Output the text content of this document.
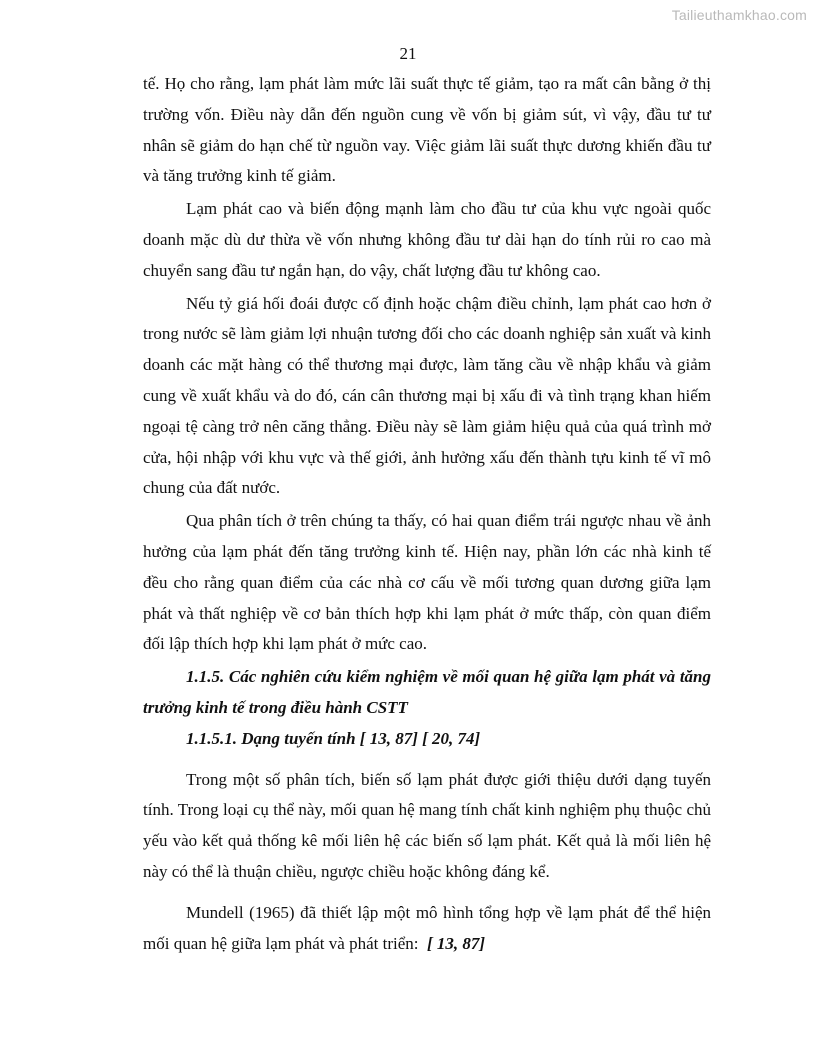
Tailieuthamkhao.com
21

tế. Họ cho rằng, lạm phát làm mức lãi suất thực tế giảm, tạo ra mất cân bằng ở thị trường vốn. Điều này dẫn đến nguồn cung về vốn bị giảm sút, vì vậy, đầu tư tư nhân sẽ giảm do hạn chế từ nguồn vay. Việc giảm lãi suất thực dương khiến đầu tư và tăng trưởng kinh tế giảm.

Lạm phát cao và biến động mạnh làm cho đầu tư của khu vực ngoài quốc doanh mặc dù dư thừa về vốn nhưng không đầu tư dài hạn do tính rủi ro cao mà chuyển sang đầu tư ngắn hạn, do vậy, chất lượng đầu tư không cao.

Nếu tỷ giá hối đoái được cố định hoặc chậm điều chỉnh, lạm phát cao hơn ở trong nước sẽ làm giảm lợi nhuận tương đối cho các doanh nghiệp sản xuất và kinh doanh các mặt hàng có thể thương mại được, làm tăng cầu về nhập khẩu và giảm cung về xuất khẩu và do đó, cán cân thương mại bị xấu đi và tình trạng khan hiếm ngoại tệ càng trở nên căng thẳng. Điều này sẽ làm giảm hiệu quả của quá trình mở cửa, hội nhập với khu vực và thế giới, ảnh hưởng xấu đến thành tựu kinh tế vĩ mô chung của đất nước.

Qua phân tích ở trên chúng ta thấy, có hai quan điểm trái ngược nhau về ảnh hưởng của lạm phát đến tăng trưởng kinh tế. Hiện nay, phần lớn các nhà kinh tế đều cho rằng quan điểm của các nhà cơ cấu về mối tương quan dương giữa lạm phát và thất nghiệp về cơ bản thích hợp khi lạm phát ở mức thấp, còn quan điểm đối lập thích hợp khi lạm phát ở mức cao.

1.1.5. Các nghiên cứu kiểm nghiệm về mối quan hệ giữa lạm phát và tăng trưởng kinh tế trong điều hành CSTT

1.1.5.1. Dạng tuyến tính [ 13, 87] [ 20, 74]

Trong một số phân tích, biến số lạm phát được giới thiệu dưới dạng tuyến tính. Trong loại cụ thể này, mối quan hệ mang tính chất kinh nghiệm phụ thuộc chủ yếu vào kết quả thống kê mối liên hệ các biến số lạm phát. Kết quả là mối liên hệ này có thể là thuận chiều, ngược chiều hoặc không đáng kể.

Mundell (1965) đã thiết lập một mô hình tổng hợp về lạm phát để thể hiện mối quan hệ giữa lạm phát và phát triển: [ 13, 87]
